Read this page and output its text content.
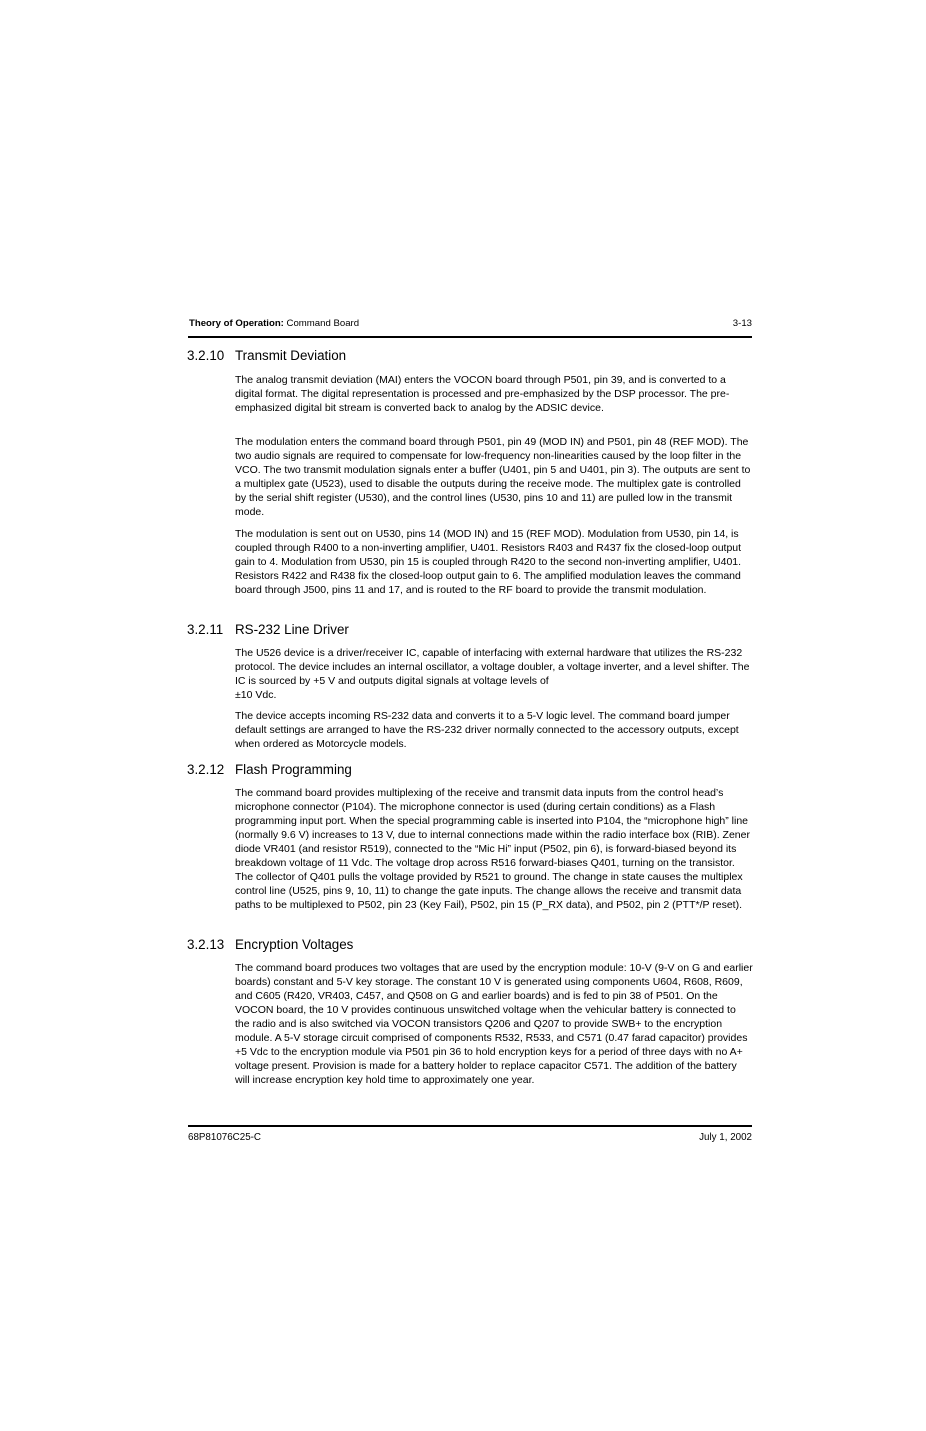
Theory of Operation: Command Board	3-13
3.2.10 Transmit Deviation

The analog transmit deviation (MAI) enters the VOCON board through P501, pin 39, and is converted to a digital format. The digital representation is processed and pre-emphasized by the DSP processor. The pre-emphasized digital bit stream is converted back to analog by the ADSIC device.

The modulation enters the command board through P501, pin 49 (MOD IN) and P501, pin 48 (REF MOD). The two audio signals are required to compensate for low-frequency non-linearities caused by the loop filter in the VCO. The two transmit modulation signals enter a buffer (U401, pin 5 and U401, pin 3). The outputs are sent to a multiplex gate (U523), used to disable the outputs during the receive mode. The multiplex gate is controlled by the serial shift register (U530), and the control lines (U530, pins 10 and 11) are pulled low in the transmit mode.

The modulation is sent out on U530, pins 14 (MOD IN) and 15 (REF MOD). Modulation from U530, pin 14, is coupled through R400 to a non-inverting amplifier, U401. Resistors R403 and R437 fix the closed-loop output gain to 4. Modulation from U530, pin 15 is coupled through R420 to the second non-inverting amplifier, U401. Resistors R422 and R438 fix the closed-loop output gain to 6. The amplified modulation leaves the command board through J500, pins 11 and 17, and is routed to the RF board to provide the transmit modulation.

3.2.11 RS-232 Line Driver

The U526 device is a driver/receiver IC, capable of interfacing with external hardware that utilizes the RS-232 protocol. The device includes an internal oscillator, a voltage doubler, a voltage inverter, and a level shifter. The IC is sourced by +5 V and outputs digital signals at voltage levels of

±10 Vdc.

The device accepts incoming RS-232 data and converts it to a 5-V logic level. The command board jumper default settings are arranged to have the RS-232 driver normally connected to the accessory outputs, except when ordered as Motorcycle models.

3.2.12 Flash Programming

The command board provides multiplexing of the receive and transmit data inputs from the control head’s microphone connector (P104). The microphone connector is used (during certain conditions) as a Flash programming input port. When the special programming cable is inserted into P104, the “microphone high” line (normally 9.6 V) increases to 13 V, due to internal connections made within the radio interface box (RIB). Zener diode VR401 (and resistor R519), connected to the “Mic Hi” input (P502, pin 6), is forward-biased beyond its breakdown voltage of 11 Vdc. The voltage drop across R516 forward-biases Q401, turning on the transistor. The collector of Q401 pulls the voltage provided by R521 to ground. The change in state causes the multiplex control line (U525, pins 9, 10, 11) to change the gate inputs. The change allows the receive and transmit data paths to be multiplexed to P502, pin 23 (Key Fail), P502, pin 15 (P_RX data), and P502, pin 2 (PTT*/P reset).

3.2.13 Encryption Voltages

The command board produces two voltages that are used by the encryption module: 10-V (9-V on G and earlier boards) constant and 5-V key storage. The constant 10 V is generated using components U604, R608, R609, and C605 (R420, VR403, C457, and Q508 on G and earlier boards) and is fed to pin 38 of P501. On the VOCON board, the 10 V provides continuous unswitched voltage when the vehicular battery is connected to the radio and is also switched via VOCON transistors Q206 and Q207 to provide SWB+ to the encryption module. A 5-V storage circuit comprised of components R532, R533, and C571 (0.47 farad capacitor) provides +5 Vdc to the encryption module via P501 pin 36 to hold encryption keys for a period of three days with no A+ voltage present. Provision is made for a battery holder to replace capacitor C571. The addition of the battery will increase encryption key hold time to approximately one year.

68P81076C25-C	July 1, 2002
